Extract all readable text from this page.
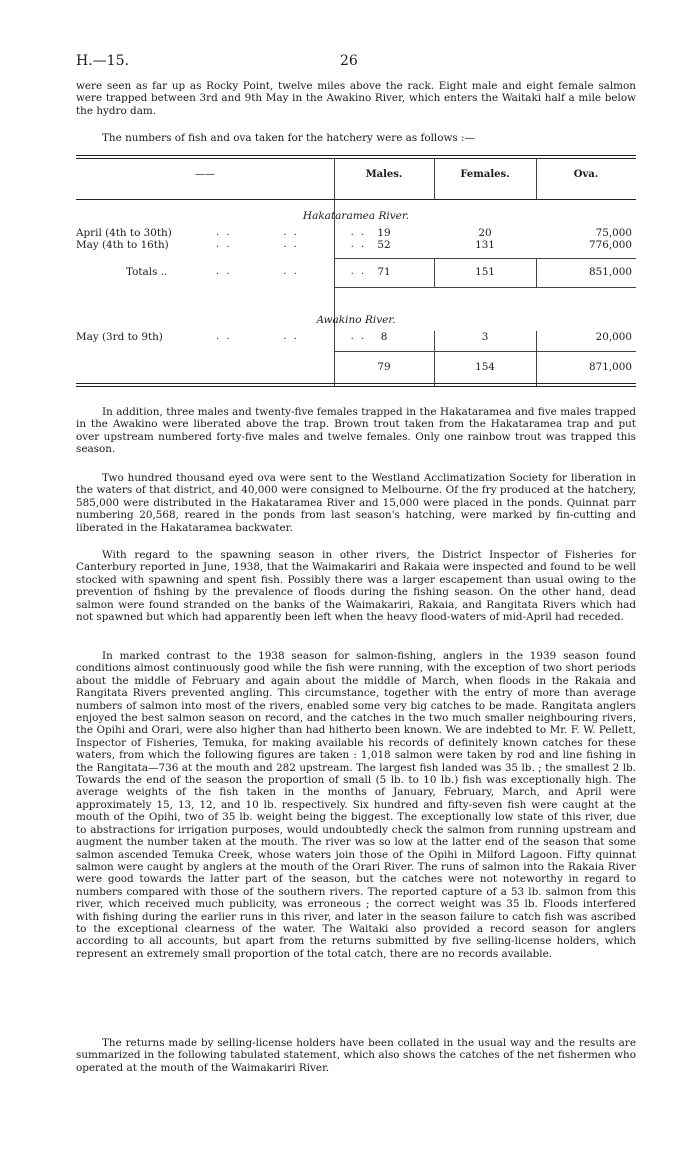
H.—15.	26

were seen as far up as Rocky Point, twelve miles above the rack. Eight male and eight female salmon were trapped between 3rd and 9th May in the Awakino River, which enters the Waitaki half a mile below the hydro dam.

The numbers of fish and ova taken for the hatchery were as follows :—

——	Males.	Females.	Ova.
Hakataramea River.
April (4th to 30th)	. .          . .          . .	19	20	75,000
May (4th to 16th)	. .          . .          . .	52	131	776,000
Totals ..	. .          . .          . .	71	151	851,000
Awakino River.
May (3rd to 9th)	. .          . .          . .	8	3	20,000
79	154	871,000

In addition, three males and twenty-five females trapped in the Hakataramea and five males trapped in the Awakino were liberated above the trap. Brown trout taken from the Hakataramea trap and put over upstream numbered forty-five males and twelve females. Only one rainbow trout was trapped this season.

Two hundred thousand eyed ova were sent to the Westland Acclimatization Society for liberation in the waters of that district, and 40,000 were consigned to Melbourne. Of the fry produced at the hatchery, 585,000 were distributed in the Hakataramea River and 15,000 were placed in the ponds. Quinnat parr numbering 20,568, reared in the ponds from last season's hatching, were marked by fin-cutting and liberated in the Hakataramea backwater.

With regard to the spawning season in other rivers, the District Inspector of Fisheries for Canterbury reported in June, 1938, that the Waimakariri and Rakaia were inspected and found to be well stocked with spawning and spent fish. Possibly there was a larger escapement than usual owing to the prevention of fishing by the prevalence of floods during the fishing season. On the other hand, dead salmon were found stranded on the banks of the Waimakariri, Rakaia, and Rangitata Rivers which had not spawned but which had apparently been left when the heavy flood-waters of mid-April had receded.

In marked contrast to the 1938 season for salmon-fishing, anglers in the 1939 season found conditions almost continuously good while the fish were running, with the exception of two short periods about the middle of February and again about the middle of March, when floods in the Rakaia and Rangitata Rivers prevented angling. This circumstance, together with the entry of more than average numbers of salmon into most of the rivers, enabled some very big catches to be made. Rangitata anglers enjoyed the best salmon season on record, and the catches in the two much smaller neighbouring rivers, the Opihi and Orari, were also higher than had hitherto been known. We are indebted to Mr. F. W. Pellett, Inspector of Fisheries, Temuka, for making available his records of definitely known catches for these waters, from which the following figures are taken : 1,018 salmon were taken by rod and line fishing in the Rangitata—736 at the mouth and 282 upstream. The largest fish landed was 35 lb. ; the smallest 2 lb. Towards the end of the season the proportion of small (5 lb. to 10 lb.) fish was exceptionally high. The average weights of the fish taken in the months of January, February, March, and April were approximately 15, 13, 12, and 10 lb. respectively. Six hundred and fifty-seven fish were caught at the mouth of the Opihi, two of 35 lb. weight being the biggest. The exceptionally low state of this river, due to abstractions for irrigation purposes, would undoubtedly check the salmon from running upstream and augment the number taken at the mouth. The river was so low at the latter end of the season that some salmon ascended Temuka Creek, whose waters join those of the Opihi in Milford Lagoon. Fifty quinnat salmon were caught by anglers at the mouth of the Orari River. The runs of salmon into the Rakaia River were good towards the latter part of the season, but the catches were not noteworthy in regard to numbers compared with those of the southern rivers. The reported capture of a 53 lb. salmon from this river, which received much publicity, was erroneous ; the correct weight was 35 lb. Floods interfered with fishing during the earlier runs in this river, and later in the season failure to catch fish was ascribed to the exceptional clearness of the water. The Waitaki also provided a record season for anglers according to all accounts, but apart from the returns submitted by five selling-license holders, which represent an extremely small proportion of the total catch, there are no records available.

The returns made by selling-license holders have been collated in the usual way and the results are summarized in the following tabulated statement, which also shows the catches of the net fishermen who operated at the mouth of the Waimakariri River.
